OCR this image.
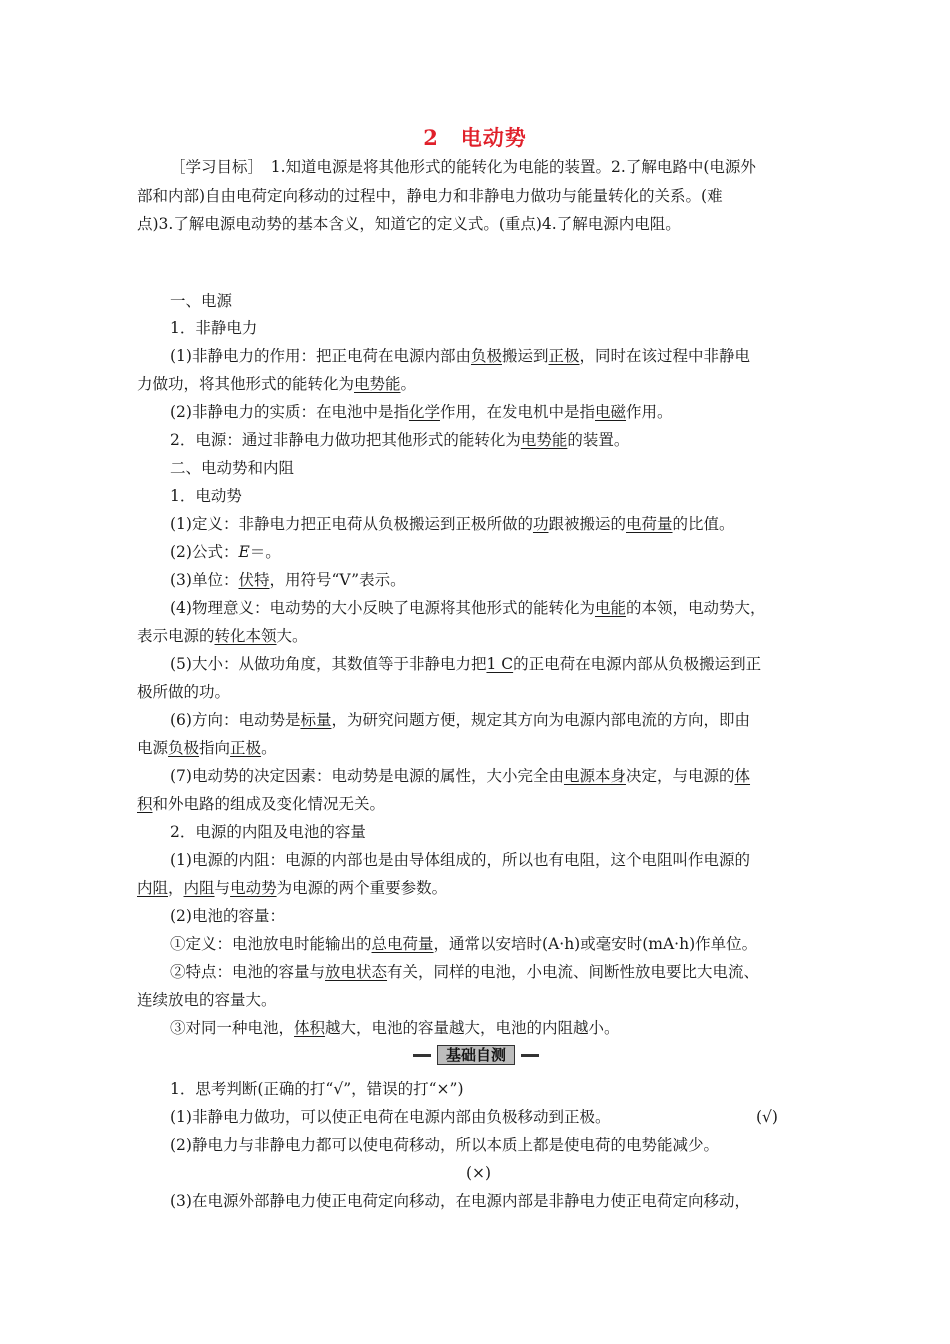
2　电动势
［学习目标］　1.知道电源是将其他形式的能转化为电能的装置。2.了解电路中(电源外
部和内部)自由电荷定向移动的过程中，静电力和非静电力做功与能量转化的关系。(难
点)3.了解电源电动势的基本含义，知道它的定义式。(重点)4.了解电源内电阻。
一、电源
1．非静电力
(1)非静电力的作用：把正电荷在电源内部由负极搬运到正极，同时在该过程中非静电
力做功，将其他形式的能转化为电势能。
(2)非静电力的实质：在电池中是指化学作用，在发电机中是指电磁作用。
2．电源：通过非静电力做功把其他形式的能转化为电势能的装置。
二、电动势和内阻
1．电动势
(1)定义：非静电力把正电荷从负极搬运到正极所做的功跟被搬运的电荷量的比值。
(2)公式：E＝。
(3)单位：伏特，用符号“V”表示。
(4)物理意义：电动势的大小反映了电源将其他形式的能转化为电能的本领，电动势大，
表示电源的转化本领大。
(5)大小：从做功角度，其数值等于非静电力把1 C的正电荷在电源内部从负极搬运到正
极所做的功。
(6)方向：电动势是标量，为研究问题方便，规定其方向为电源内部电流的方向，即由
电源负极指向正极。
(7)电动势的决定因素：电动势是电源的属性，大小完全由电源本身决定，与电源的体
积和外电路的组成及变化情况无关。
2．电源的内阻及电池的容量
(1)电源的内阻：电源的内部也是由导体组成的，所以也有电阻，这个电阻叫作电源的
内阻，内阻与电动势为电源的两个重要参数。
(2)电池的容量：
①定义：电池放电时能输出的总电荷量，通常以安培时(A·h)或毫安时(mA·h)作单位。
②特点：电池的容量与放电状态有关，同样的电池，小电流、间断性放电要比大电流、
连续放电的容量大。
③对同一种电池，体积越大，电池的容量越大，电池的内阻越小。
基础自测
1．思考判断(正确的打“√”，错误的打“×”)
(1)非静电力做功，可以使正电荷在电源内部由负极移动到正极。	(√)
(2)静电力与非静电力都可以使电荷移动，所以本质上都是使电荷的电势能减少。
(×)
(3)在电源外部静电力使正电荷定向移动，在电源内部是非静电力使正电荷定向移动，
